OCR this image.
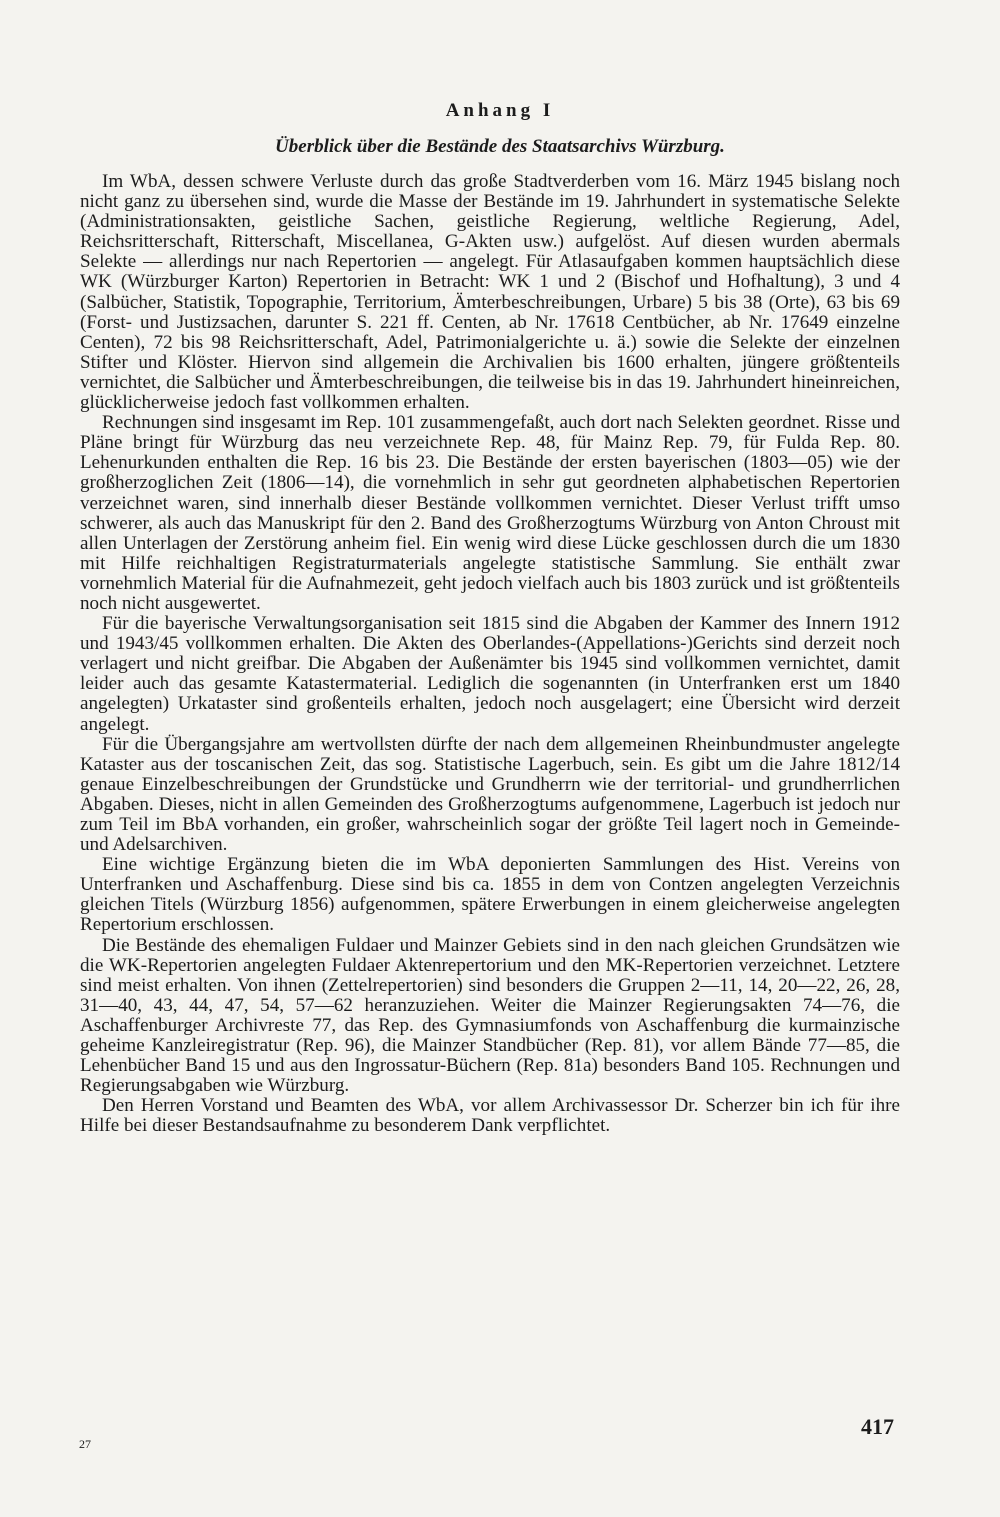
Anhang I
Überblick über die Bestände des Staatsarchivs Würzburg.

Im WbA, dessen schwere Verluste durch das große Stadtverderben vom 16. März 1945 bislang noch nicht ganz zu übersehen sind, wurde die Masse der Bestände im 19. Jahrhundert in systematische Selekte (Administrationsakten, geistliche Sachen, geistliche Regierung, weltliche Regierung, Adel, Reichsritterschaft, Ritterschaft, Miscellanea, G-Akten usw.) aufgelöst. Auf diesen wurden abermals Selekte — allerdings nur nach Repertorien — angelegt. Für Atlasaufgaben kommen hauptsächlich diese WK (Würzburger Karton) Repertorien in Betracht: WK 1 und 2 (Bischof und Hofhaltung), 3 und 4 (Salbücher, Statistik, Topographie, Territorium, Ämterbeschreibungen, Urbare) 5 bis 38 (Orte), 63 bis 69 (Forst- und Justizsachen, darunter S. 221 ff. Centen, ab Nr. 17618 Centbücher, ab Nr. 17649 einzelne Centen), 72 bis 98 Reichsritterschaft, Adel, Patrimonialgerichte u. ä.) sowie die Selekte der einzelnen Stifter und Klöster. Hiervon sind allgemein die Archivalien bis 1600 erhalten, jüngere größtenteils vernichtet, die Salbücher und Ämterbeschreibungen, die teilweise bis in das 19. Jahrhundert hineinreichen, glücklicherweise jedoch fast vollkommen erhalten.

Rechnungen sind insgesamt im Rep. 101 zusammengefaßt, auch dort nach Selekten geordnet. Risse und Pläne bringt für Würzburg das neu verzeichnete Rep. 48, für Mainz Rep. 79, für Fulda Rep. 80. Lehenurkunden enthalten die Rep. 16 bis 23. Die Bestände der ersten bayerischen (1803—05) wie der großherzoglichen Zeit (1806—14), die vornehmlich in sehr gut geordneten alphabetischen Repertorien verzeichnet waren, sind innerhalb dieser Bestände vollkommen vernichtet. Dieser Verlust trifft umso schwerer, als auch das Manuskript für den 2. Band des Großherzogtums Würzburg von Anton Chroust mit allen Unterlagen der Zerstörung anheim fiel. Ein wenig wird diese Lücke geschlossen durch die um 1830 mit Hilfe reichhaltigen Registraturmaterials angelegte statistische Sammlung. Sie enthält zwar vornehmlich Material für die Aufnahmezeit, geht jedoch vielfach auch bis 1803 zurück und ist größtenteils noch nicht ausgewertet.

Für die bayerische Verwaltungsorganisation seit 1815 sind die Abgaben der Kammer des Innern 1912 und 1943/45 vollkommen erhalten. Die Akten des Oberlandes-(Appellations-)Gerichts sind derzeit noch verlagert und nicht greifbar. Die Abgaben der Außenämter bis 1945 sind vollkommen vernichtet, damit leider auch das gesamte Katastermaterial. Lediglich die sogenannten (in Unterfranken erst um 1840 angelegten) Urkataster sind großenteils erhalten, jedoch noch ausgelagert; eine Übersicht wird derzeit angelegt.

Für die Übergangsjahre am wertvollsten dürfte der nach dem allgemeinen Rheinbundmuster angelegte Kataster aus der toscanischen Zeit, das sog. Statistische Lagerbuch, sein. Es gibt um die Jahre 1812/14 genaue Einzelbeschreibungen der Grundstücke und Grundherrn wie der territorial- und grundherrlichen Abgaben. Dieses, nicht in allen Gemeinden des Großherzogtums aufgenommene, Lagerbuch ist jedoch nur zum Teil im BbA vorhanden, ein großer, wahrscheinlich sogar der größte Teil lagert noch in Gemeinde- und Adelsarchiven.

Eine wichtige Ergänzung bieten die im WbA deponierten Sammlungen des Hist. Vereins von Unterfranken und Aschaffenburg. Diese sind bis ca. 1855 in dem von Contzen angelegten Verzeichnis gleichen Titels (Würzburg 1856) aufgenommen, spätere Erwerbungen in einem gleicherweise angelegten Repertorium erschlossen.

Die Bestände des ehemaligen Fuldaer und Mainzer Gebiets sind in den nach gleichen Grundsätzen wie die WK-Repertorien angelegten Fuldaer Aktenrepertorium und den MK-Repertorien verzeichnet. Letztere sind meist erhalten. Von ihnen (Zettelrepertorien) sind besonders die Gruppen 2—11, 14, 20—22, 26, 28, 31—40, 43, 44, 47, 54, 57—62 heranzuziehen. Weiter die Mainzer Regierungsakten 74—76, die Aschaffenburger Archivreste 77, das Rep. des Gymnasiumfonds von Aschaffenburg die kurmainzische geheime Kanzleiregistratur (Rep. 96), die Mainzer Standbücher (Rep. 81), vor allem Bände 77—85, die Lehenbücher Band 15 und aus den Ingrossatur-Büchern (Rep. 81a) besonders Band 105. Rechnungen und Regierungsabgaben wie Würzburg.

Den Herren Vorstand und Beamten des WbA, vor allem Archivassessor Dr. Scherzer bin ich für ihre Hilfe bei dieser Bestandsaufnahme zu besonderem Dank verpflichtet.

417
27
